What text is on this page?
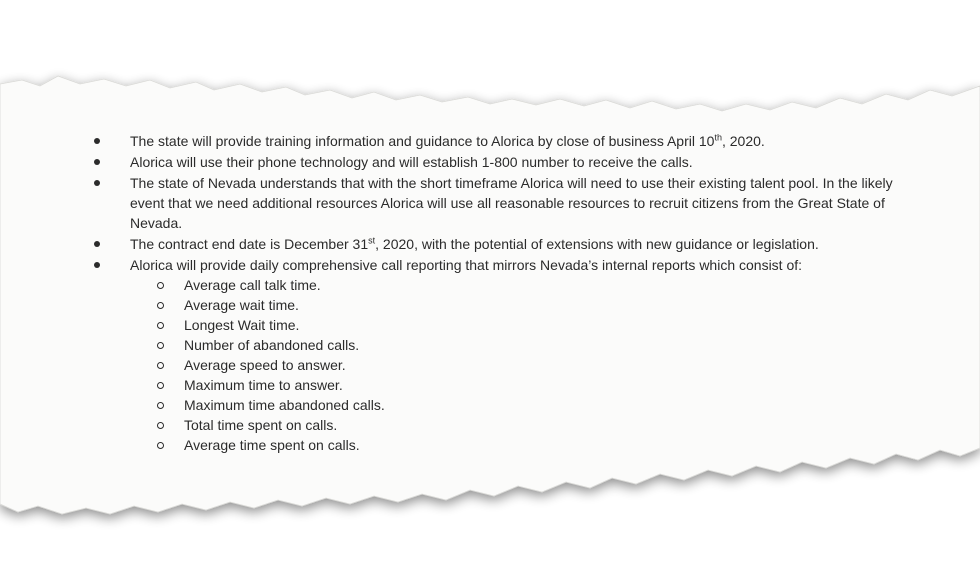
The state will provide training information and guidance to Alorica by close of business April 10th, 2020.
Alorica will use their phone technology and will establish 1-800 number to receive the calls.
The state of Nevada understands that with the short timeframe Alorica will need to use their existing talent pool. In the likely event that we need additional resources Alorica will use all reasonable resources to recruit citizens from the Great State of Nevada.
The contract end date is December 31st, 2020, with the potential of extensions with new guidance or legislation.
Alorica will provide daily comprehensive call reporting that mirrors Nevada’s internal reports which consist of:
Average call talk time.
Average wait time.
Longest Wait time.
Number of abandoned calls.
Average speed to answer.
Maximum time to answer.
Maximum time abandoned calls.
Total time spent on calls.
Average time spent on calls.
